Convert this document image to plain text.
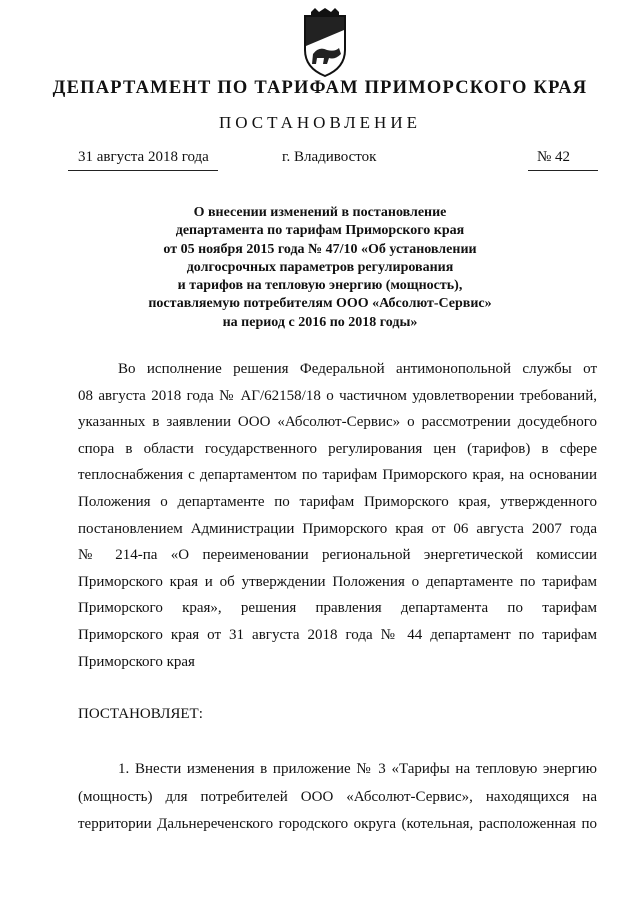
ДЕПАРТАМЕНТ ПО ТАРИФАМ ПРИМОРСКОГО КРАЯ
ПОСТАНОВЛЕНИЕ
31 августа 2018 года	г. Владивосток	№ 42
О внесении изменений в постановление
департамента по тарифам Приморского края
от 05 ноября 2015 года № 47/10 «Об установлении
долгосрочных параметров регулирования
и тарифов на тепловую энергию (мощность),
поставляемую потребителям ООО «Абсолют-Сервис»
на период с 2016 по 2018 годы»
Во исполнение решения Федеральной антимонопольной службы от
08 августа 2018 года № АГ/62158/18 о частичном удовлетворении требований,
указанных в заявлении ООО «Абсолют-Сервис» о рассмотрении досудебного
спора в области государственного регулирования цен (тарифов) в сфере
теплоснабжения с департаментом по тарифам Приморского края, на основании
Положения о департаменте по тарифам Приморского края, утвержденного
постановлением Администрации Приморского края от 06 августа 2007 года
№ 214-па «О переименовании региональной энергетической комиссии
Приморского края и об утверждении Положения о департаменте по тарифам
Приморского края», решения правления департамента по тарифам
Приморского края от 31 августа 2018 года № 44 департамент по тарифам
Приморского края
ПОСТАНОВЛЯЕТ:
1. Внести изменения в приложение № 3 «Тарифы на тепловую энергию
(мощность) для потребителей ООО «Абсолют-Сервис», находящихся на
территории Дальнереченского городского округа (котельная, расположенная по
